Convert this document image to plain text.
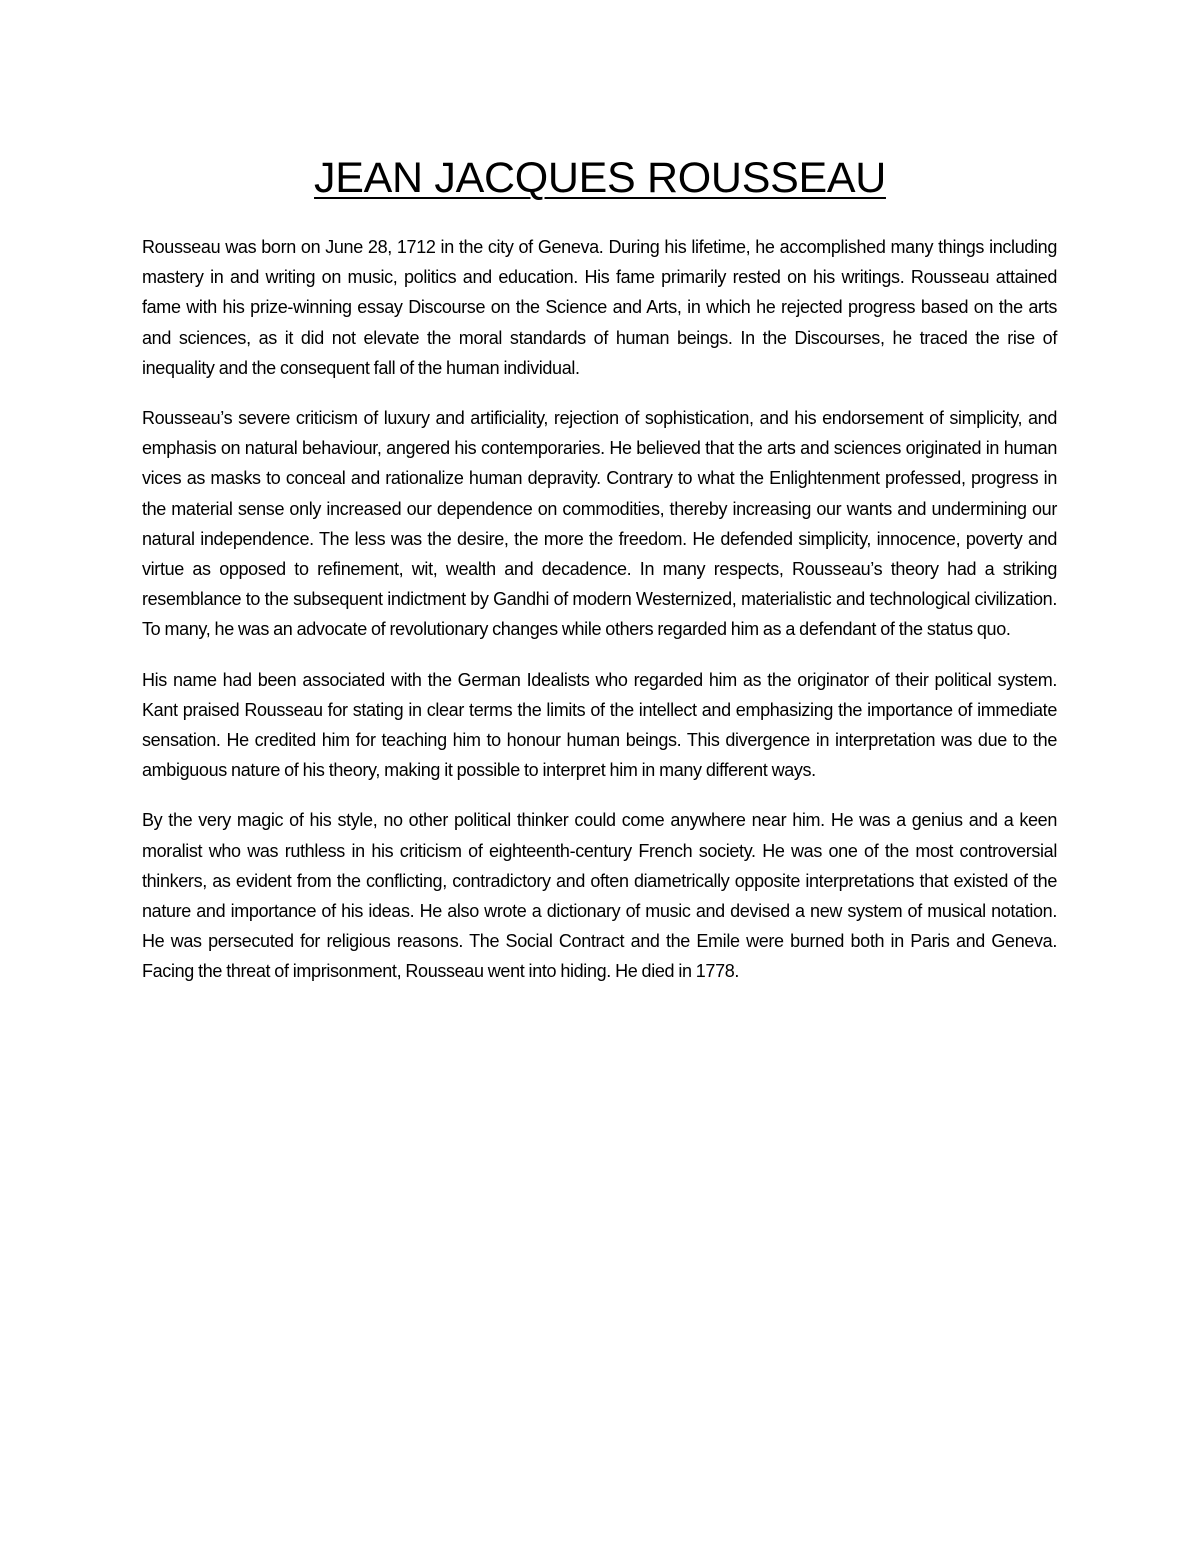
JEAN JACQUES ROUSSEAU

Rousseau was born on June 28, 1712 in the city of Geneva. During his lifetime, he accomplished many things including mastery in and writing on music, politics and education. His fame primarily rested on his writings. Rousseau attained fame with his prize-winning essay Discourse on the Science and Arts, in which he rejected progress based on the arts and sciences, as it did not elevate the moral standards of human beings. In the Discourses, he traced the rise of inequality and the consequent fall of the human individual.

Rousseau’s severe criticism of luxury and artificiality, rejection of sophistication, and his endorsement of simplicity, and emphasis on natural behaviour, angered his contemporaries. He believed that the arts and sciences originated in human vices as masks to conceal and rationalize human depravity. Contrary to what the Enlightenment professed, progress in the material sense only increased our dependence on commodities, thereby increasing our wants and undermining our natural independence. The less was the desire, the more the freedom. He defended simplicity, innocence, poverty and virtue as opposed to refinement, wit, wealth and decadence. In many respects, Rousseau’s theory had a striking resemblance to the subsequent indictment by Gandhi of modern Westernized, materialistic and technological civilization. To many, he was an advocate of revolutionary changes while others regarded him as a defendant of the status quo.

His name had been associated with the German Idealists who regarded him as the originator of their political system. Kant praised Rousseau for stating in clear terms the limits of the intellect and emphasizing the importance of immediate sensation. He credited him for teaching him to honour human beings. This divergence in interpretation was due to the ambiguous nature of his theory, making it possible to interpret him in many different ways.

By the very magic of his style, no other political thinker could come anywhere near him. He was a genius and a keen moralist who was ruthless in his criticism of eighteenth-century French society. He was one of the most controversial thinkers, as evident from the conflicting, contradictory and often diametrically opposite interpretations that existed of the nature and importance of his ideas. He also wrote a dictionary of music and devised a new system of musical notation. He was persecuted for religious reasons. The Social Contract and the Emile were burned both in Paris and Geneva. Facing the threat of imprisonment, Rousseau went into hiding. He died in 1778.
